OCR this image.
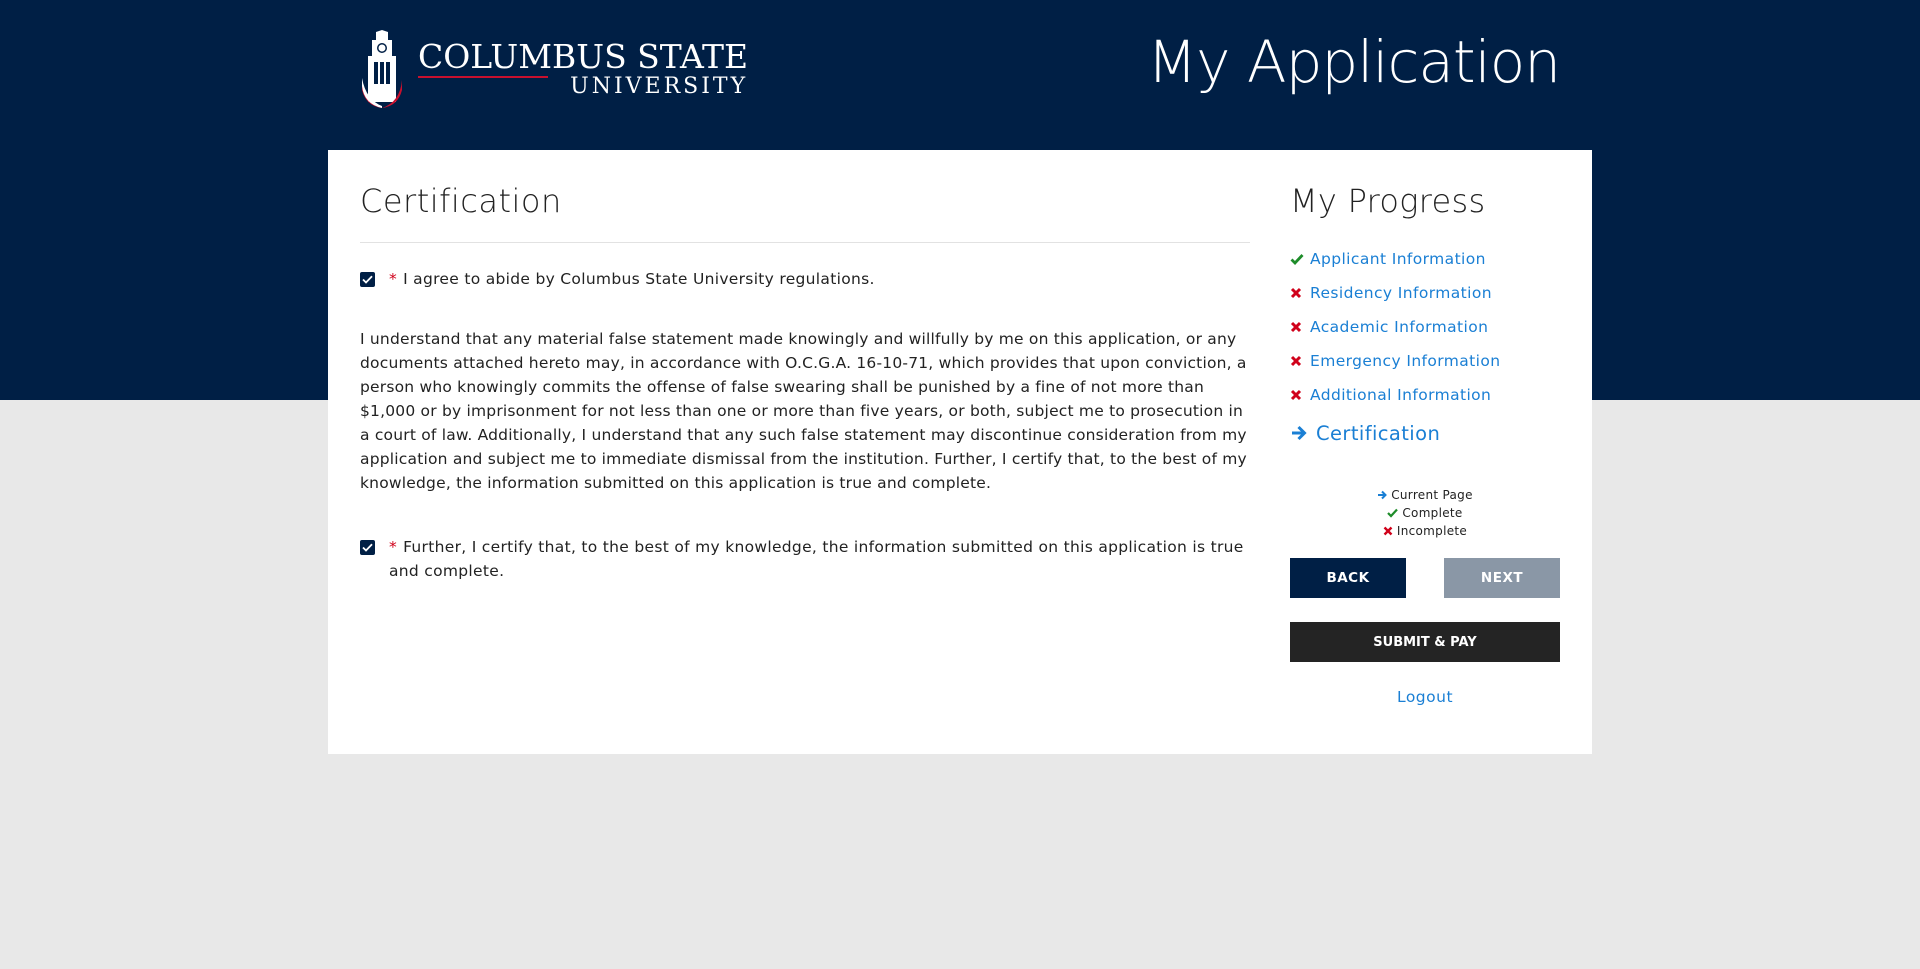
COLUMBUS STATE
UNIVERSITY	My Application
Certification
* I agree to abide by Columbus State University regulations.

I understand that any material false statement made knowingly and willfully by me on this application, or any documents attached hereto may, in accordance with O.C.G.A. 16-10-71, which provides that upon conviction, a person who knowingly commits the offense of false swearing shall be punished by a fine of not more than $1,000 or by imprisonment for not less than one or more than five years, or both, subject me to prosecution in a court of law. Additionally, I understand that any such false statement may discontinue consideration from my application and subject me to immediate dismissal from the institution. Further, I certify that, to the best of my knowledge, the information submitted on this application is true and complete.

* Further, I certify that, to the best of my knowledge, the information submitted on this application is true and complete.
My Progress
Applicant Information
Residency Information
Academic Information
Emergency Information
Additional Information
Certification
Current Page
Complete
Incomplete
BACK	NEXT
SUBMIT & PAY
Logout
